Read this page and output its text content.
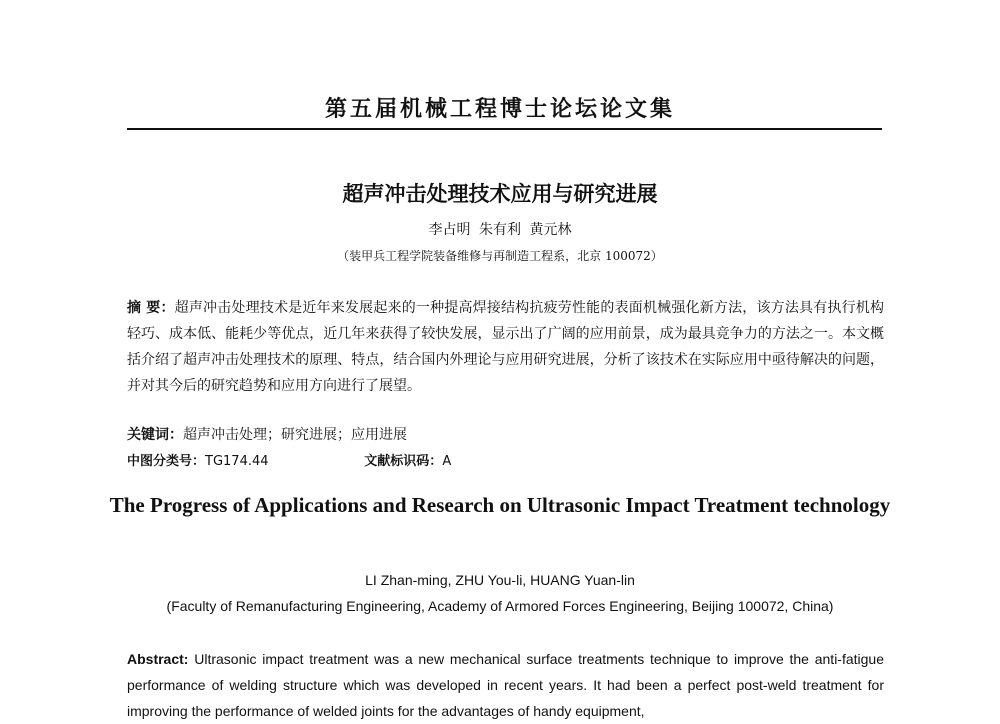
第五届机械工程博士论坛论文集
超声冲击处理技术应用与研究进展
李占明 朱有利 黄元林
（装甲兵工程学院装备维修与再制造工程系，北京 100072）
摘 要：超声冲击处理技术是近年来发展起来的一种提高焊接结构抗疲劳性能的表面机械强化新方法，该方法具有执行机构轻巧、成本低、能耗少等优点，近几年来获得了较快发展，显示出了广阔的应用前景，成为最具竞争力的方法之一。本文概括介绍了超声冲击处理技术的原理、特点，结合国内外理论与应用研究进展，分析了该技术在实际应用中亟待解决的问题，并对其今后的研究趋势和应用方向进行了展望。
关键词：超声冲击处理；研究进展；应用进展
中图分类号：TG174.44	文献标识码：A
The Progress of Applications and Research on Ultrasonic Impact Treatment technology
LI Zhan-ming, ZHU You-li, HUANG Yuan-lin
(Faculty of Remanufacturing Engineering, Academy of Armored Forces Engineering, Beijing 100072, China)
Abstract: Ultrasonic impact treatment was a new mechanical surface treatments technique to improve the anti-fatigue performance of welding structure which was developed in recent years. It had been a perfect post-weld treatment for improving the performance of welded joints for the advantages of handy equipment,
